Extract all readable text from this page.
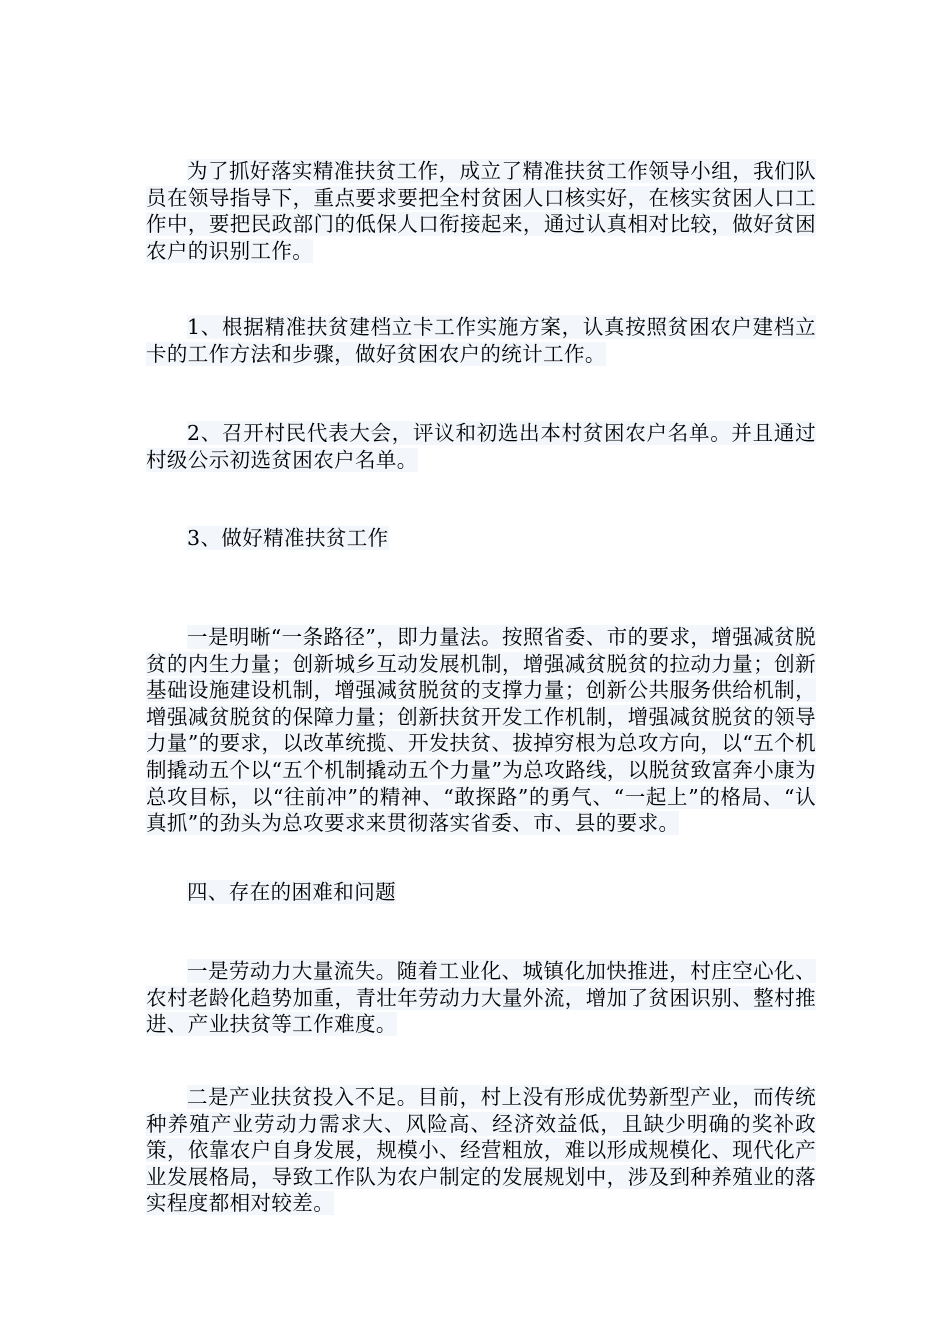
为了抓好落实精准扶贫工作，成立了精准扶贫工作领导小组，我们队员在领导指导下，重点要求要把全村贫困人口核实好，在核实贫困人口工作中，要把民政部门的低保人口衔接起来，通过认真相对比较，做好贫困农户的识别工作。

1、根据精准扶贫建档立卡工作实施方案，认真按照贫困农户建档立卡的工作方法和步骤，做好贫困农户的统计工作。

2、召开村民代表大会，评议和初选出本村贫困农户名单。并且通过村级公示初选贫困农户名单。

3、做好精准扶贫工作

一是明晰“一条路径”，即力量法。按照省委、市的要求，增强减贫脱贫的内生力量；创新城乡互动发展机制，增强减贫脱贫的拉动力量；创新基础设施建设机制，增强减贫脱贫的支撑力量；创新公共服务供给机制，增强减贫脱贫的保障力量；创新扶贫开发工作机制，增强减贫脱贫的领导力量”的要求，以改革统揽、开发扶贫、拔掉穷根为总攻方向，以“五个机制撬动五个以“五个机制撬动五个力量”为总攻路线，以脱贫致富奔小康为总攻目标，以“往前冲”的精神、“敢探路”的勇气、“一起上”的格局、“认真抓”的劲头为总攻要求来贯彻落实省委、市、县的要求。

四、存在的困难和问题

一是劳动力大量流失。随着工业化、城镇化加快推进，村庄空心化、农村老龄化趋势加重，青壮年劳动力大量外流，增加了贫困识别、整村推进、产业扶贫等工作难度。

二是产业扶贫投入不足。目前，村上没有形成优势新型产业，而传统种养殖产业劳动力需求大、风险高、经济效益低，且缺少明确的奖补政策，依靠农户自身发展，规模小、经营粗放，难以形成规模化、现代化产业发展格局，导致工作队为农户制定的发展规划中，涉及到种养殖业的落实程度都相对较差。
